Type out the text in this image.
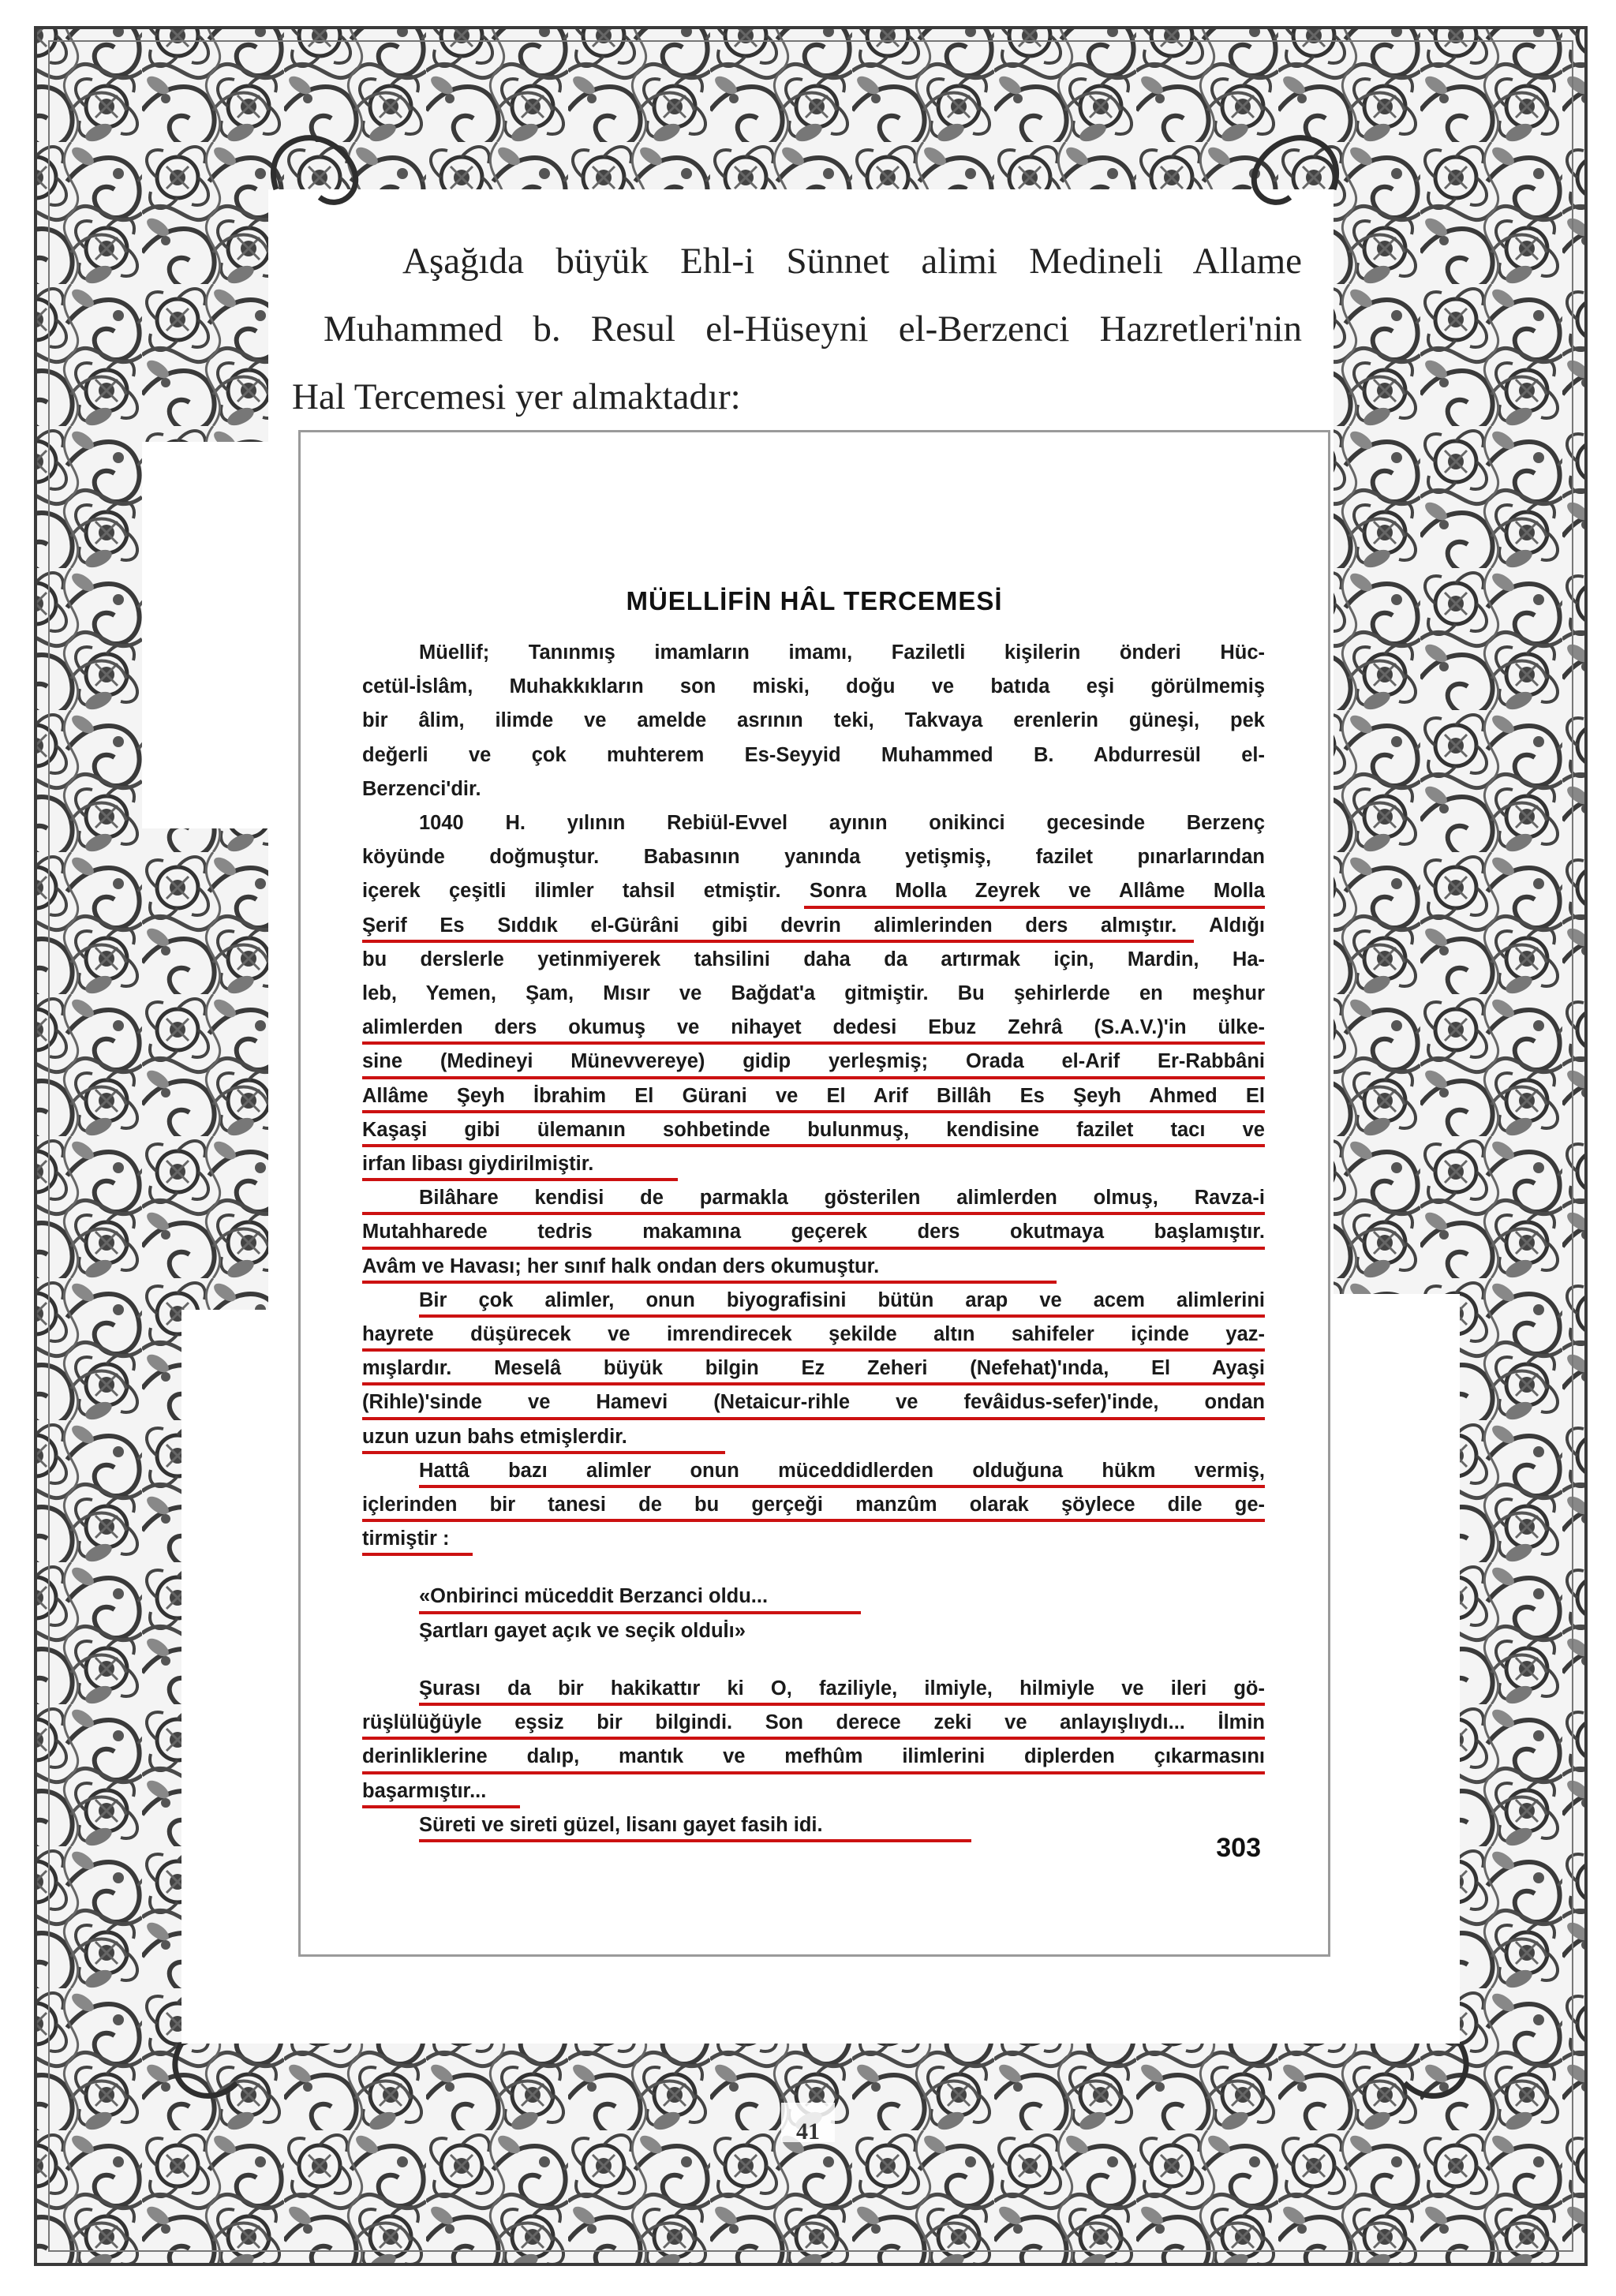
Aşağıda büyük Ehl-i Sünnet alimi Medineli Allame
Muhammed b. Resul el-Hüseyni el-Berzenci Hazretleri'nin
Hal Tercemesi yer almaktadır:
MÜELLİFİN HÂL TERCEMESİ
Müellif; Tanınmış imamların imamı, Faziletli kişilerin önderi Hüc-
cetül-İslâm, Muhakkıkların son miski, doğu ve batıda eşi görülmemiş
bir âlim, ilimde ve amelde asrının teki, Takvaya erenlerin güneşi, pek
değerli ve çok muhterem Es-Seyyid Muhammed B. Abdurresül el-
Berzenci'dir.
1040 H. yılının Rebiül-Evvel ayının onikinci gecesinde Berzenç
köyünde doğmuştur. Babasının yanında yetişmiş, fazilet pınarlarından
içerek çeşitli ilimler tahsil etmiştir. Sonra Molla Zeyrek ve Allâme Molla
Şerif Es Sıddık el-Gürâni gibi devrin alimlerinden ders almıştır. Aldığı
bu derslerle yetinmiyerek tahsilini daha da artırmak için, Mardin, Ha-
leb, Yemen, Şam, Mısır ve Bağdat'a gitmiştir. Bu şehirlerde en meşhur
alimlerden ders okumuş ve nihayet dedesi Ebuz Zehrâ (S.A.V.)'in ülke-
sine (Medineyi Münevvereye) gidip yerleşmiş; Orada el-Arif Er-Rabbâni
Allâme Şeyh İbrahim El Gürani ve El Arif Billâh Es Şeyh Ahmed El
Kaşaşi gibi ülemanın sohbetinde bulunmuş, kendisine fazilet tacı ve
irfan libası giydirilmiştir.
Bilâhare kendisi de parmakla gösterilen alimlerden olmuş, Ravza-i
Mutahharede tedris makamına geçerek ders okutmaya başlamıştır.
Avâm ve Havası; her sınıf halk ondan ders okumuştur.
Bir çok alimler, onun biyografisini bütün arap ve acem alimlerini
hayrete düşürecek ve imrendirecek şekilde altın sahifeler içinde yaz-
mışlardır. Meselâ büyük bilgin Ez Zeheri (Nefehat)'ında, El Ayaşi
(Rihle)'sinde ve Hamevi (Netaicur-rihle ve fevâidus-sefer)'inde, ondan
uzun uzun bahs etmişlerdir.
Hattâ bazı alimler onun müceddidlerden olduğuna hükm vermiş,
içlerinden bir tanesi de bu gerçeği manzûm olarak şöylece dile ge-
tirmiştir :
«Onbirinci müceddit Berzanci oldu...
Şartları gayet açık ve seçik olduİı»
Şurası da bir hakikattır ki O, faziliyle, ilmiyle, hilmiyle ve ileri gö-
rüşlülüğüyle eşsiz bir bilgindi. Son derece zeki ve anlayışlıydı... İlmin
derinliklerine dalıp, mantık ve mefhûm ilimlerini diplerden çıkarmasını
başarmıştır...
Süreti ve sireti güzel, lisanı gayet fasih idi.
303
41
